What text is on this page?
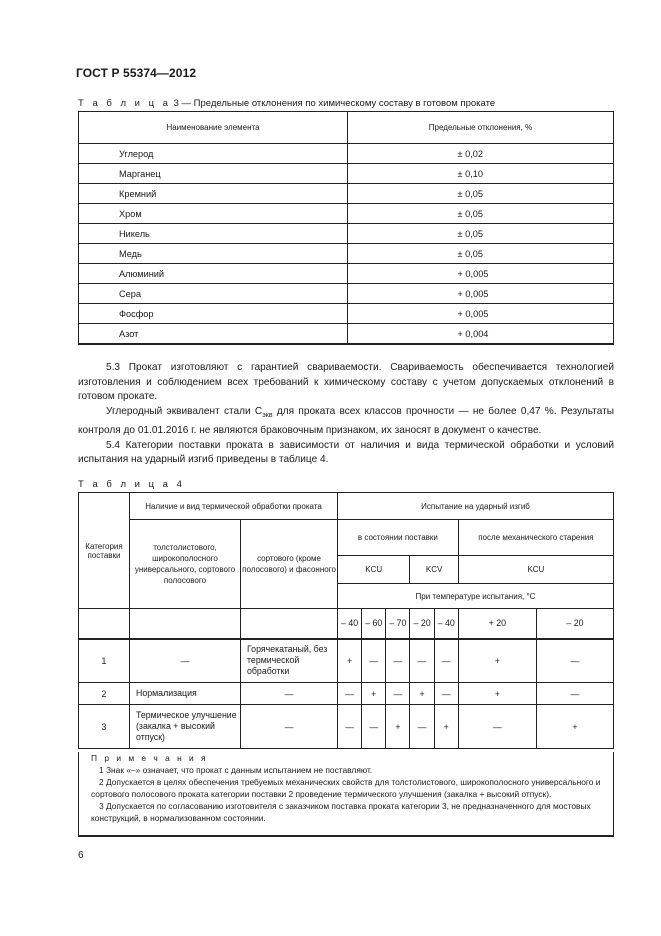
ГОСТ Р 55374—2012
Т а б л и ц а 3 — Предельные отклонения по химическому составу в готовом прокате
Наименование элемента	Предельные отклонения, %
Углерод	± 0,02
Марганец	± 0,10
Кремний	± 0,05
Хром	± 0,05
Никель	± 0,05
Медь	± 0,05
Алюминий	+ 0,005
Сера	+ 0,005
Фосфор	+ 0,005
Азот	+ 0,004

5.3 Прокат изготовляют с гарантией свариваемости. Свариваемость обеспечивается технологией изготовления и соблюдением всех требований к химическому составу с учетом допускаемых отклонений в готовом прокате.

Углеродный эквивалент стали $С_{экв}$ для проката всех классов прочности — не более 0,47 %. Результаты контроля до 01.01.2016 г. не являются браковочным признаком, их заносят в документ о качестве.

5.4 Категории поставки проката в зависимости от наличия и вида термической обработки и условий испытания на ударный изгиб приведены в таблице 4.

Т а б л и ц а 4
Категория поставки	Наличие и вид термической обработки проката		Испытание на ударный изгиб						
	толстолистового, широкополосного универсального, сортового полосового	сортового (кроме полосового) и фасонного	в состоянии поставки					после механического старения	
			KCU			KCV		KCU	
			При температуре испытания, °С						
			– 40	– 60	– 70	– 20	– 40	+ 20	– 20
1	—	Горячекатаный, без термической обработки	+	—	—	—	—	+	—
2	Нормализация	—	—	+	—	+	—	+	—
3	Термическое улучшение (закалка + высокий отпуск)	—	—	—	+	—	+	—	+

П р и м е ч а н и я

1 Знак «–» означает, что прокат с данным испытанием не поставляют.

2 Допускается в целях обеспечения требуемых механических свойств для толстолистового, широкополосного универсального и сортового полосового проката категории поставки 2 проведение термического улучшения (закалка + высокий отпуск).

3 Допускается по согласованию изготовителя с заказчиком поставка проката категории 3, не предназначенного для мостовых конструкций, в нормализованном состоянии.

6
